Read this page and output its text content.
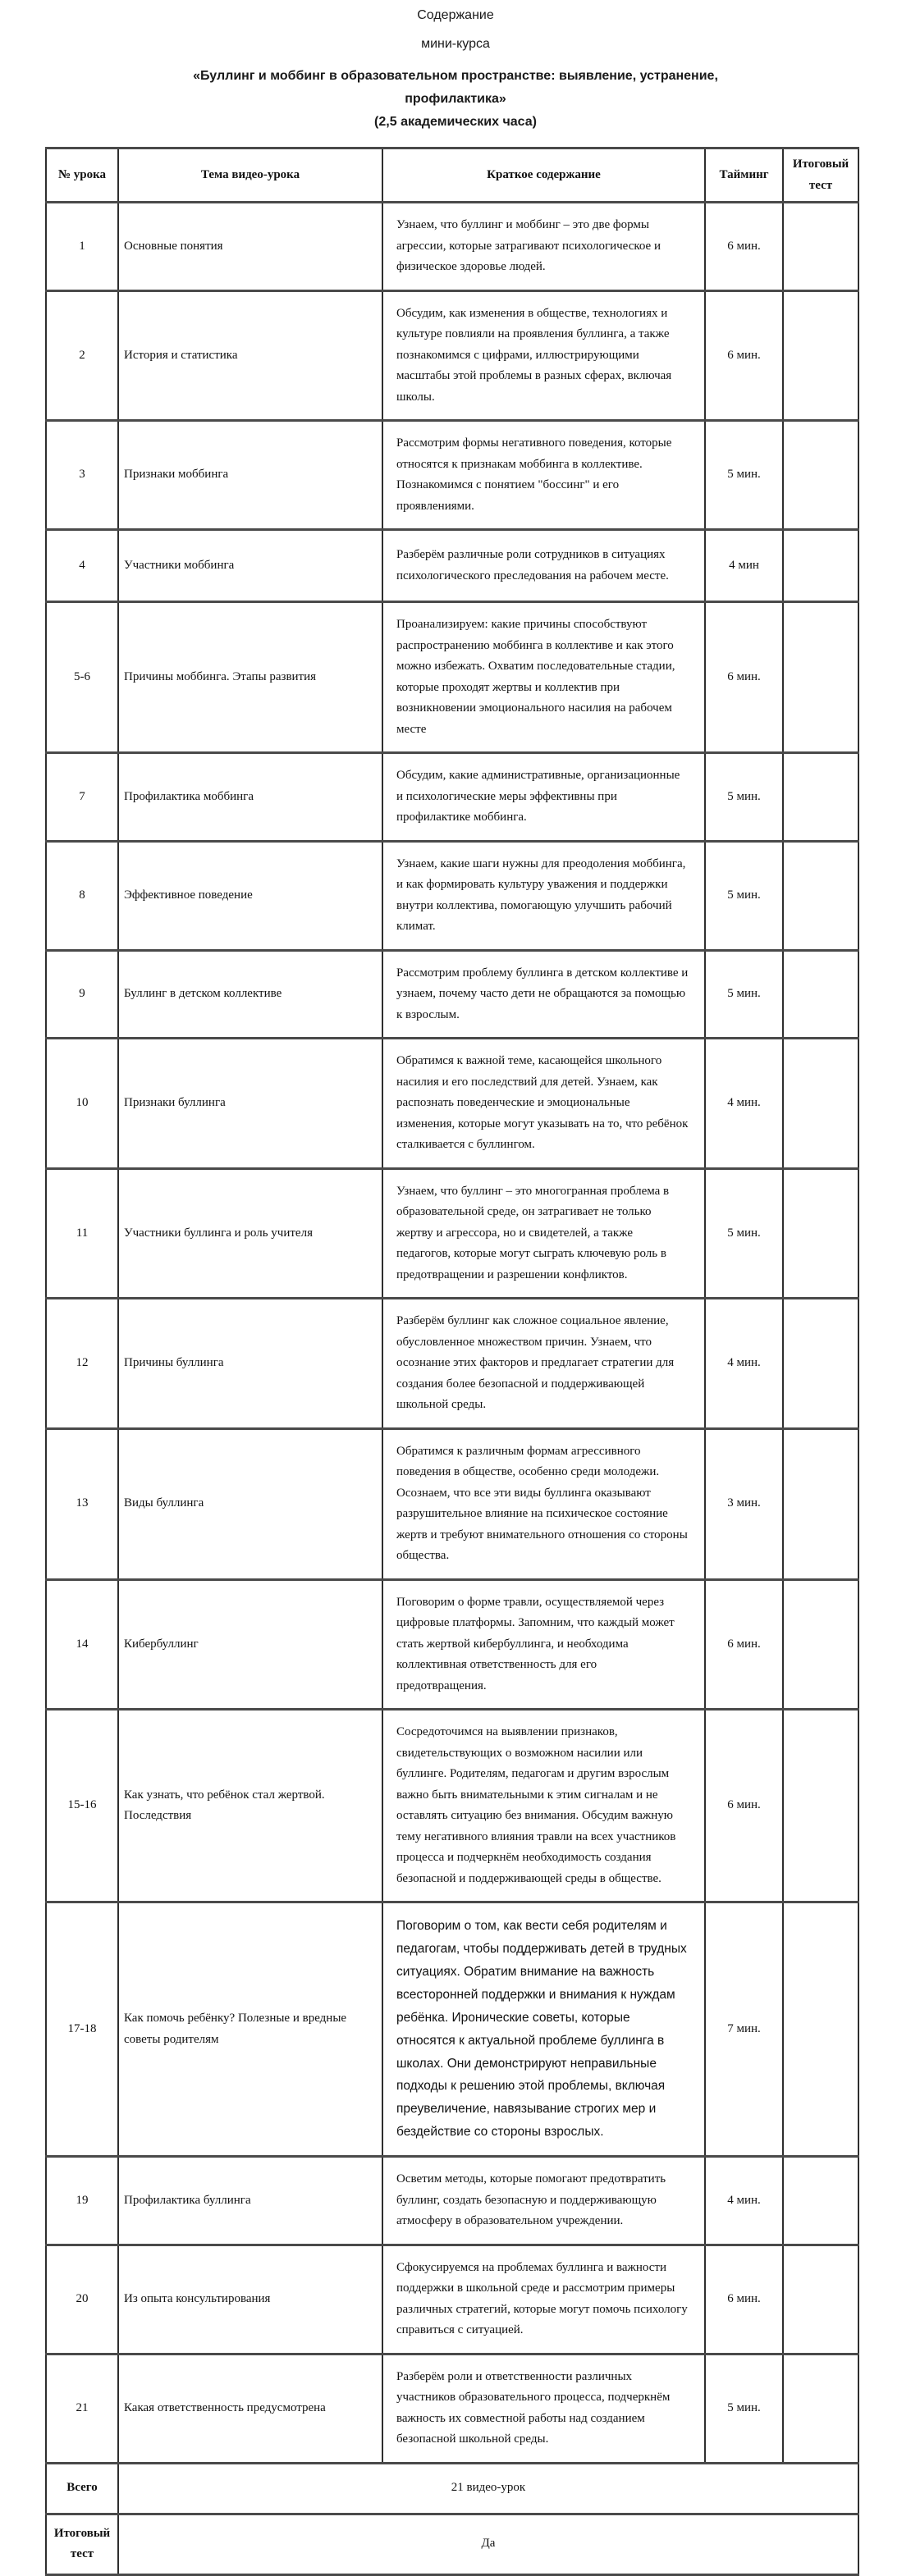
Содержание

мини-курса

«Буллинг и моббинг в образовательном пространстве: выявление, устранение,

профилактика»

(2,5 академических часа)

№ урока	Тема видео-урока	Краткое содержание	Тайминг	Итоговый тест
1	Основные понятия	Узнаем, что буллинг и моббинг – это две формы агрессии, которые затрагивают психологическое и физическое здоровье людей.	6 мин.	
2	История и статистика	Обсудим, как изменения в обществе, технологиях и культуре повлияли на проявления буллинга, а также познакомимся с цифрами, иллюстрирующими масштабы этой проблемы в разных сферах, включая школы.	6 мин.	
3	Признаки моббинга	Рассмотрим формы негативного поведения, которые относятся к признакам моббинга в коллективе. Познакомимся с понятием "боссинг" и его проявлениями.	5 мин.	
4	Участники моббинга	Разберём различные роли сотрудников в ситуациях психологического преследования на рабочем месте.	4 мин	
5-6	Причины моббинга. Этапы развития	Проанализируем: какие причины способствуют распространению моббинга в коллективе и как этого можно избежать. Охватим последовательные стадии, которые проходят жертвы и коллектив при возникновении эмоционального насилия на рабочем месте	6 мин.	
7	Профилактика моббинга	Обсудим, какие административные, организационные и психологические меры эффективны при профилактике моббинга.	5 мин.	
8	Эффективное поведение	Узнаем, какие шаги нужны для преодоления моббинга, и как формировать культуру уважения и поддержки внутри коллектива, помогающую улучшить рабочий климат.	5 мин.	
9	Буллинг в детском коллективе	Рассмотрим проблему буллинга в детском коллективе и узнаем, почему часто дети не обращаются за помощью к взрослым.	5 мин.	
10	Признаки буллинга	Обратимся к важной теме, касающейся школьного насилия и его последствий для детей. Узнаем, как распознать поведенческие и эмоциональные изменения, которые могут указывать на то, что ребёнок сталкивается с буллингом.	4 мин.	
11	Участники буллинга и роль учителя	Узнаем, что буллинг – это многогранная проблема в образовательной среде, он затрагивает не только жертву и агрессора, но и свидетелей, а также педагогов, которые могут сыграть ключевую роль в предотвращении и разрешении конфликтов.	5 мин.	
12	Причины буллинга	Разберём буллинг как сложное социальное явление, обусловленное множеством причин. Узнаем, что осознание этих факторов и предлагает стратегии для создания более безопасной и поддерживающей школьной среды.	4 мин.	
13	Виды буллинга	Обратимся к различным формам агрессивного поведения в обществе, особенно среди молодежи. Осознаем, что все эти виды буллинга оказывают разрушительное влияние на психическое состояние жертв и требуют внимательного отношения со стороны общества.	3 мин.	
14	Кибербуллинг	Поговорим о форме травли, осуществляемой через цифровые платформы. Запомним, что каждый может стать жертвой кибербуллинга, и необходима коллективная ответственность для его предотвращения.	6 мин.	
15-16	Как узнать, что ребёнок стал жертвой. Последствия	Сосредоточимся на выявлении признаков, свидетельствующих о возможном насилии или буллинге. Родителям, педагогам и другим взрослым важно быть внимательными к этим сигналам и не оставлять ситуацию без внимания. Обсудим важную тему негативного влияния травли на всех участников процесса и подчеркнём необходимость создания безопасной и поддерживающей среды в обществе.	6 мин.	
17-18	Как помочь ребёнку? Полезные и вредные советы родителям	Поговорим о том, как вести себя родителям и педагогам, чтобы поддерживать детей в трудных ситуациях. Обратим внимание на важность всесторонней поддержки и внимания к нуждам ребёнка. Иронические советы, которые относятся к актуальной проблеме буллинга в школах. Они демонстрируют неправильные подходы к решению этой проблемы, включая преувеличение, навязывание строгих мер и бездействие со стороны взрослых.	7 мин.	
19	Профилактика буллинга	Осветим методы, которые помогают предотвратить буллинг, создать безопасную и поддерживающую атмосферу в образовательном учреждении.	4 мин.	
20	Из опыта консультирования	Сфокусируемся на проблемах буллинга и важности поддержки в школьной среде и рассмотрим примеры различных стратегий, которые могут помочь психологу справиться с ситуацией.	6 мин.	
21	Какая ответственность предусмотрена	Разберём роли и ответственности различных участников образовательного процесса, подчеркнём важность их совместной работы над созданием безопасной школьной среды.	5 мин.	
Всего	21 видео-урок			
Итоговый тест	Да			
